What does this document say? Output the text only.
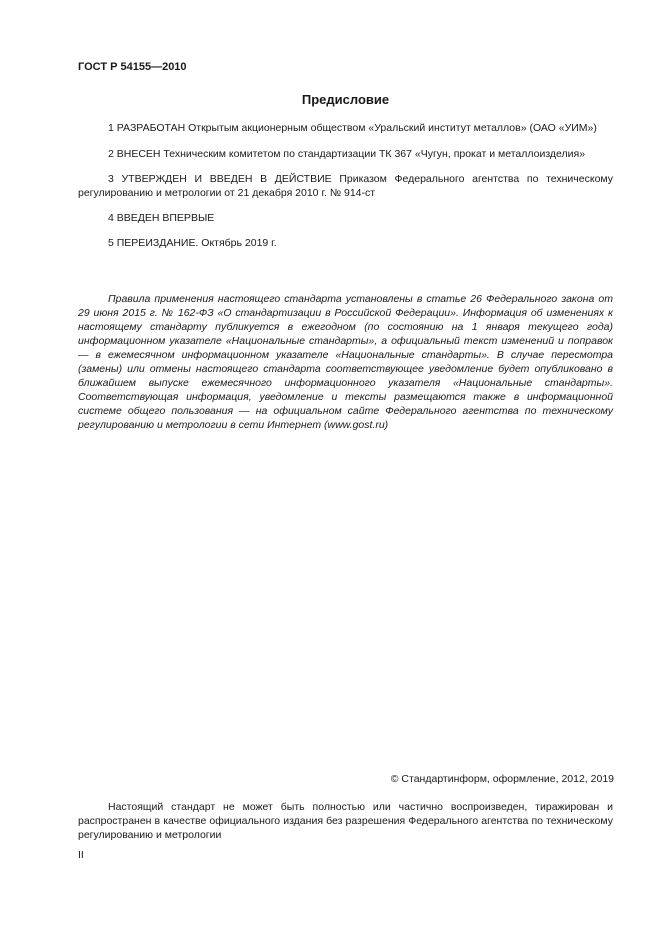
ГОСТ Р 54155—2010
Предисловие
1 РАЗРАБОТАН Открытым акционерным обществом «Уральский институт металлов» (ОАО «УИМ»)
2 ВНЕСЕН Техническим комитетом по стандартизации ТК 367 «Чугун, прокат и металлоизделия»
3 УТВЕРЖДЕН И ВВЕДЕН В ДЕЙСТВИЕ Приказом Федерального агентства по техническому регулированию и метрологии от 21 декабря 2010 г. № 914-ст
4 ВВЕДЕН ВПЕРВЫЕ
5 ПЕРЕИЗДАНИЕ. Октябрь 2019 г.
Правила применения настоящего стандарта установлены в статье 26 Федерального закона от 29 июня 2015 г. № 162-ФЗ «О стандартизации в Российской Федерации». Информация об изменениях к настоящему стандарту публикуется в ежегодном (по состоянию на 1 января текущего года) информационном указателе «Национальные стандарты», а официальный текст изменений и поправок — в ежемесячном информационном указателе «Национальные стандарты». В случае пересмотра (замены) или отмены настоящего стандарта соответствующее уведомление будет опубликовано в ближайшем выпуске ежемесячного информационного указателя «Национальные стандарты». Соответствующая информация, уведомление и тексты размещаются также в информационной системе общего пользования — на официальном сайте Федерального агентства по техническому регулированию и метрологии в сети Интернет (www.gost.ru)
© Стандартинформ, оформление, 2012, 2019
Настоящий стандарт не может быть полностью или частично воспроизведен, тиражирован и распространен в качестве официального издания без разрешения Федерального агентства по техническому регулированию и метрологии
II
